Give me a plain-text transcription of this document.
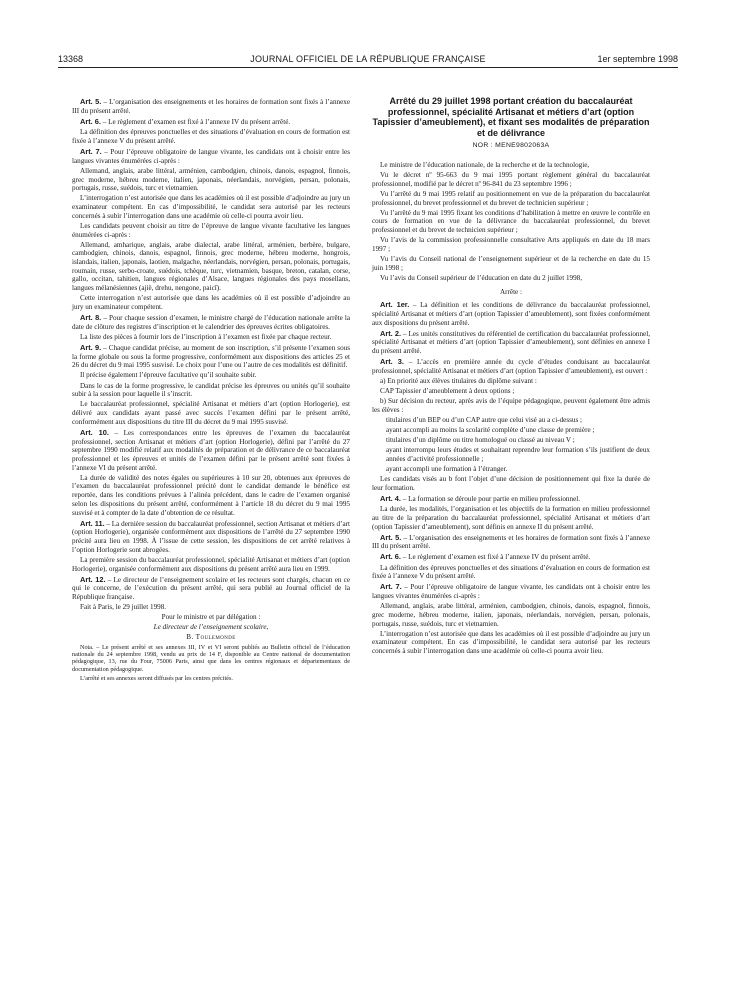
13368	JOURNAL OFFICIEL DE LA RÉPUBLIQUE FRANÇAISE	1er septembre 1998

Art. 5. – L’organisation des enseignements et les horaires de formation sont fixés à l’annexe III du présent arrêté.

Art. 6. – Le règlement d’examen est fixé à l’annexe IV du présent arrêté.

La définition des épreuves ponctuelles et des situations d’évaluation en cours de formation est fixée à l’annexe V du présent arrêté.

Art. 7. – Pour l’épreuve obligatoire de langue vivante, les candidats ont à choisir entre les langues vivantes énumérées ci-après :

Allemand, anglais, arabe littéral, arménien, cambodgien, chinois, danois, espagnol, finnois, grec moderne, hébreu moderne, italien, japonais, néerlandais, norvégien, persan, polonais, portugais, russe, suédois, turc et vietnamien.

L’interrogation n’est autorisée que dans les académies où il est possible d’adjoindre au jury un examinateur compétent. En cas d’impossibilité, le candidat sera autorisé par les recteurs concernés à subir l’interrogation dans une académie où celle-ci pourra avoir lieu.

Les candidats peuvent choisir au titre de l’épreuve de langue vivante facultative les langues énumérées ci-après :

Allemand, amharique, anglais, arabe dialectal, arabe littéral, arménien, berbère, bulgare, cambodgien, chinois, danois, espagnol, finnois, grec moderne, hébreu moderne, hongrois, islandais, italien, japonais, laotien, malgache, néerlandais, norvégien, persan, polonais, portugais, roumain, russe, serbo-croate, suédois, tchèque, turc, vietnamien, basque, breton, catalan, corse, gallo, occitan, tahitien, langues régionales d’Alsace, langues régionales des pays mosellans, langues mélanésiennes (ajië, drehu, nengone, paicî).

Cette interrogation n’est autorisée que dans les académies où il est possible d’adjoindre au jury un examinateur compétent.

Art. 8. – Pour chaque session d’examen, le ministre chargé de l’éducation nationale arrête la date de clôture des registres d’inscription et le calendrier des épreuves écrites obligatoires.

La liste des pièces à fournir lors de l’inscription à l’examen est fixée par chaque recteur.

Art. 9. – Chaque candidat précise, au moment de son inscription, s’il présente l’examen sous la forme globale ou sous la forme progressive, conformément aux dispositions des articles 25 et 26 du décret du 9 mai 1995 susvisé. Le choix pour l’une ou l’autre de ces modalités est définitif.

Il précise également l’épreuve facultative qu’il souhaite subir.

Dans le cas de la forme progressive, le candidat précise les épreuves ou unités qu’il souhaite subir à la session pour laquelle il s’inscrit.

Le baccalauréat professionnel, spécialité Artisanat et métiers d’art (option Horlogerie), est délivré aux candidats ayant passé avec succès l’examen défini par le présent arrêté, conformément aux dispositions du titre III du décret du 9 mai 1995 susvisé.

Art. 10. – Les correspondances entre les épreuves de l’examen du baccalauréat professionnel, section Artisanat et métiers d’art (option Horlogerie), défini par l’arrêté du 27 septembre 1990 modifié relatif aux modalités de préparation et de délivrance de ce baccalauréat professionnel et les épreuves et unités de l’examen défini par le présent arrêté sont fixées à l’annexe VI du présent arrêté.

La durée de validité des notes égales ou supérieures à 10 sur 20, obtenues aux épreuves de l’examen du baccalauréat professionnel précité dont le candidat demande le bénéfice est reportée, dans les conditions prévues à l’alinéa précédent, dans le cadre de l’examen organisé selon les dispositions du présent arrêté, conformément à l’article 18 du décret du 9 mai 1995 susvisé et à compter de la date d’obtention de ce résultat.

Art. 11. – La dernière session du baccalauréat professionnel, section Artisanat et métiers d’art (option Horlogerie), organisée conformément aux dispositions de l’arrêté du 27 septembre 1990 précité aura lieu en 1998. À l’issue de cette session, les dispositions de cet arrêté relatives à l’option Horlogerie sont abrogées.

La première session du baccalauréat professionnel, spécialité Artisanat et métiers d’art (option Horlogerie), organisée conformément aux dispositions du présent arrêté aura lieu en 1999.

Art. 12. – Le directeur de l’enseignement scolaire et les recteurs sont chargés, chacun en ce qui le concerne, de l’exécution du présent arrêté, qui sera publié au Journal officiel de la République française.

Fait à Paris, le 29 juillet 1998.

Pour le ministre et par délégation :

Le directeur de l’enseignement scolaire,

B. Toulemonde

Nota. – Le présent arrêté et ses annexes III, IV et VI seront publiés au Bulletin officiel de l’éducation nationale du 24 septembre 1998, vendu au prix de 14 F, disponible au Centre national de documentation pédagogique, 13, rue du Four, 75006 Paris, ainsi que dans les centres régionaux et départementaux de documentation pédagogique.

L’arrêté et ses annexes seront diffusés par les centres précités.

Arrêté du 29 juillet 1998 portant création du baccalauréat professionnel, spécialité Artisanat et métiers d’art (option Tapissier d’ameublement), et fixant ses modalités de préparation et de délivrance
NOR : MENE9802063A

Le ministre de l’éducation nationale, de la recherche et de la technologie,

Vu le décret nº 95-663 du 9 mai 1995 portant règlement général du baccalauréat professionnel, modifié par le décret nº 96-841 du 23 septembre 1996 ;

Vu l’arrêté du 9 mai 1995 relatif au positionnement en vue de la préparation du baccalauréat professionnel, du brevet professionnel et du brevet de technicien supérieur ;

Vu l’arrêté du 9 mai 1995 fixant les conditions d’habilitation à mettre en œuvre le contrôle en cours de formation en vue de la délivrance du baccalauréat professionnel, du brevet professionnel et du brevet de technicien supérieur ;

Vu l’avis de la commission professionnelle consultative Arts appliqués en date du 18 mars 1997 ;

Vu l’avis du Conseil national de l’enseignement supérieur et de la recherche en date du 15 juin 1998 ;

Vu l’avis du Conseil supérieur de l’éducation en date du 2 juillet 1998,

Arrête :

Art. 1er. – La définition et les conditions de délivrance du baccalauréat professionnel, spécialité Artisanat et métiers d’art (option Tapissier d’ameublement), sont fixées conformément aux dispositions du présent arrêté.

Art. 2. – Les unités constitutives du référentiel de certification du baccalauréat professionnel, spécialité Artisanat et métiers d’art (option Tapissier d’ameublement), sont définies en annexe I du présent arrêté.

Art. 3. – L’accès en première année du cycle d’études conduisant au baccalauréat professionnel, spécialité Artisanat et métiers d’art (option Tapissier d’ameublement), est ouvert :

a) En priorité aux élèves titulaires du diplôme suivant :

CAP Tapissier d’ameublement à deux options ;

b) Sur décision du recteur, après avis de l’équipe pédagogique, peuvent également être admis les élèves :

titulaires d’un BEP ou d’un CAP autre que celui visé au a ci-dessus ;

ayant accompli au moins la scolarité complète d’une classe de première ;

titulaires d’un diplôme ou titre homologué ou classé au niveau V ;

ayant interrompu leurs études et souhaitant reprendre leur formation s’ils justifient de deux années d’activité professionnelle ;

ayant accompli une formation à l’étranger.

Les candidats visés au b font l’objet d’une décision de positionnement qui fixe la durée de leur formation.

Art. 4. – La formation se déroule pour partie en milieu professionnel.

La durée, les modalités, l’organisation et les objectifs de la formation en milieu professionnel au titre de la préparation du baccalauréat professionnel, spécialité Artisanat et métiers d’art (option Tapissier d’ameublement), sont définis en annexe II du présent arrêté.

Art. 5. – L’organisation des enseignements et les horaires de formation sont fixés à l’annexe III du présent arrêté.

Art. 6. – Le règlement d’examen est fixé à l’annexe IV du présent arrêté.

La définition des épreuves ponctuelles et des situations d’évaluation en cours de formation est fixée à l’annexe V du présent arrêté.

Art. 7. – Pour l’épreuve obligatoire de langue vivante, les candidats ont à choisir entre les langues vivantes énumérées ci-après :

Allemand, anglais, arabe littéral, arménien, cambodgien, chinois, danois, espagnol, finnois, grec moderne, hébreu moderne, italien, japonais, néerlandais, norvégien, persan, polonais, portugais, russe, suédois, turc et vietnamien.

L’interrogation n’est autorisée que dans les académies où il est possible d’adjoindre au jury un examinateur compétent. En cas d’impossibilité, le candidat sera autorisé par les recteurs concernés à subir l’interrogation dans une académie où celle-ci pourra avoir lieu.
